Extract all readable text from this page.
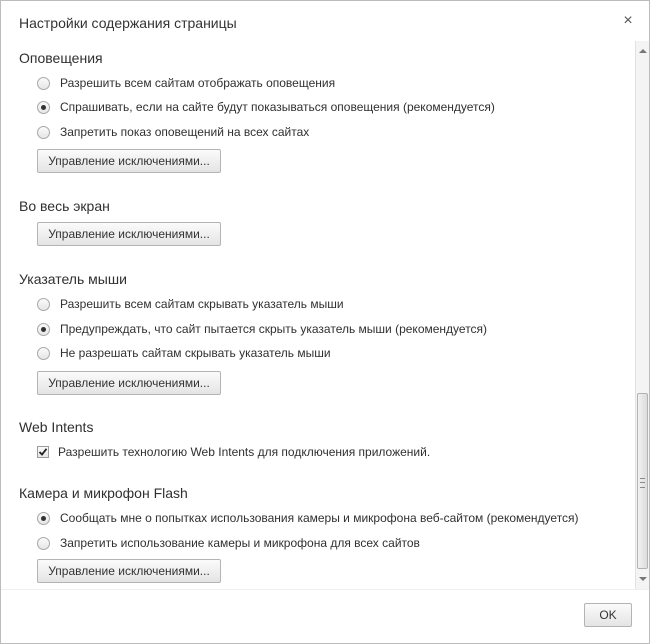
Настройки содержания страницы	×
Оповещения
Разрешить всем сайтам отображать оповещения
Спрашивать, если на сайте будут показываться оповещения (рекомендуется)
Запретить показ оповещений на всех сайтах
Управление исключениями...
Во весь экран
Управление исключениями...
Указатель мыши
Разрешить всем сайтам скрывать указатель мыши
Предупреждать, что сайт пытается скрыть указатель мыши (рекомендуется)
Не разрешать сайтам скрывать указатель мыши
Управление исключениями...
Web Intents
Разрешить технологию Web Intents для подключения приложений.
Камера и микрофон Flash
Сообщать мне о попытках использования камеры и микрофона веб-сайтом (рекомендуется)
Запретить использование камеры и микрофона для всех сайтов
Управление исключениями...
OK
